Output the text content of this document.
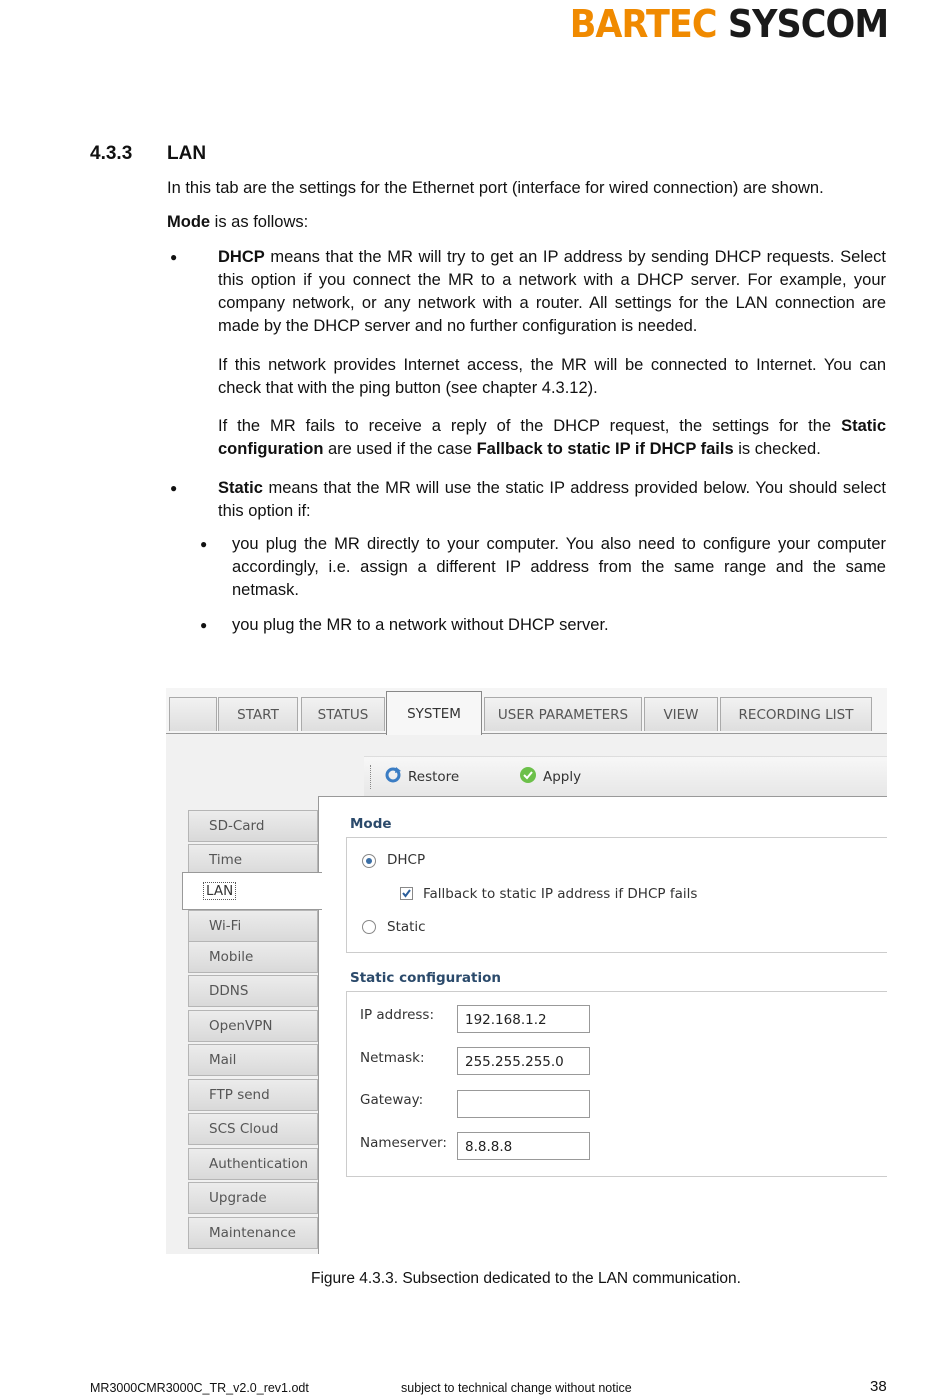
BARTEC SYSCOM
4.3.3 LAN
In this tab are the settings for the Ethernet port (interface for wired connection) are shown.
Mode is as follows:
● DHCP means that the MR will try to get an IP address by sending DHCP requests. Select this option if you connect the MR to a network with a DHCP server. For example, your company network, or any network with a router. All settings for the LAN connection are made by the DHCP server and no further configuration is needed.
If this network provides Internet access, the MR will be connected to Internet. You can check that with the ping button (see chapter 4.3.12).
If the MR fails to receive a reply of the DHCP request, the settings for the Static configuration are used if the case Fallback to static IP if DHCP fails is checked.
● Static means that the MR will use the static IP address provided below. You should select this option if:
● you plug the MR directly to your computer. You also need to configure your computer accordingly, i.e. assign a different IP address from the same range and the same netmask.
● you plug the MR to a network without DHCP server.
START	STATUS	SYSTEM	USER PARAMETERS	VIEW	RECORDING LIST
Restore	Apply
SD-Card
Time
LAN
Wi-Fi
Mobile
DDNS
OpenVPN
Mail
FTP send
SCS Cloud
Authentication
Upgrade
Maintenance
Mode
DHCP
Fallback to static IP address if DHCP fails
Static
Static configuration
IP address:	192.168.1.2
Netmask:	255.255.255.0
Gateway:
Nameserver:	8.8.8.8
Figure 4.3.3. Subsection dedicated to the LAN communication.
MR3000CMR3000C_TR_v2.0_rev1.odt	subject to technical change without notice	38
